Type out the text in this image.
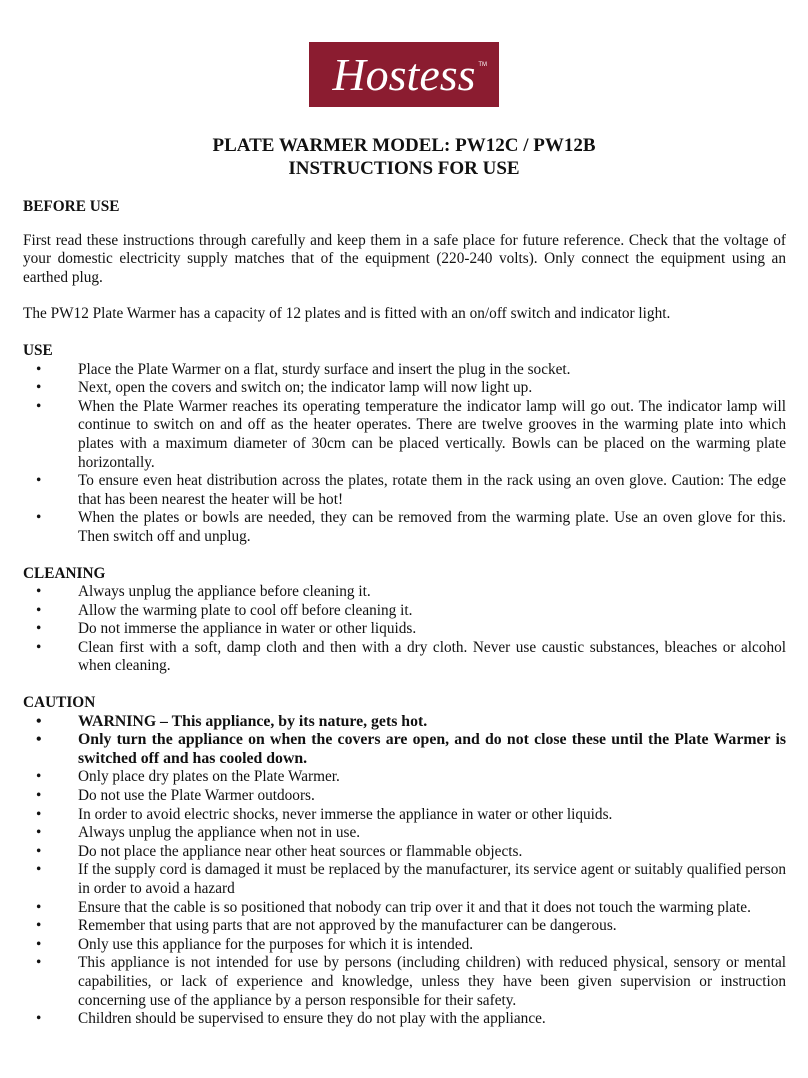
Hostess TM
PLATE WARMER MODEL: PW12C / PW12B
INSTRUCTIONS FOR USE

BEFORE USE

First read these instructions through carefully and keep them in a safe place for future reference. Check that the voltage of your domestic electricity supply matches that of the equipment (220-240 volts). Only connect the equipment using an earthed plug.

The PW12 Plate Warmer has a capacity of 12 plates and is fitted with an on/off switch and indicator light.

USE

• Place the Plate Warmer on a flat, sturdy surface and insert the plug in the socket.
• Next, open the covers and switch on; the indicator lamp will now light up.
• When the Plate Warmer reaches its operating temperature the indicator lamp will go out. The indicator lamp will continue to switch on and off as the heater operates. There are twelve grooves in the warming plate into which plates with a maximum diameter of 30cm can be placed vertically. Bowls can be placed on the warming plate horizontally.
• To ensure even heat distribution across the plates, rotate them in the rack using an oven glove. Caution: The edge that has been nearest the heater will be hot!
• When the plates or bowls are needed, they can be removed from the warming plate. Use an oven glove for this. Then switch off and unplug.

CLEANING

• Always unplug the appliance before cleaning it.
• Allow the warming plate to cool off before cleaning it.
• Do not immerse the appliance in water or other liquids.
• Clean first with a soft, damp cloth and then with a dry cloth. Never use caustic substances, bleaches or alcohol when cleaning.

CAUTION

• WARNING – This appliance, by its nature, gets hot.
• Only turn the appliance on when the covers are open, and do not close these until the Plate Warmer is switched off and has cooled down.
• Only place dry plates on the Plate Warmer.
• Do not use the Plate Warmer outdoors.
• In order to avoid electric shocks, never immerse the appliance in water or other liquids.
• Always unplug the appliance when not in use.
• Do not place the appliance near other heat sources or flammable objects.
• If the supply cord is damaged it must be replaced by the manufacturer, its service agent or suitably qualified person in order to avoid a hazard
• Ensure that the cable is so positioned that nobody can trip over it and that it does not touch the warming plate.
• Remember that using parts that are not approved by the manufacturer can be dangerous.
• Only use this appliance for the purposes for which it is intended.
• This appliance is not intended for use by persons (including children) with reduced physical, sensory or mental capabilities, or lack of experience and knowledge, unless they have been given supervision or instruction concerning use of the appliance by a person responsible for their safety.
• Children should be supervised to ensure they do not play with the appliance.
